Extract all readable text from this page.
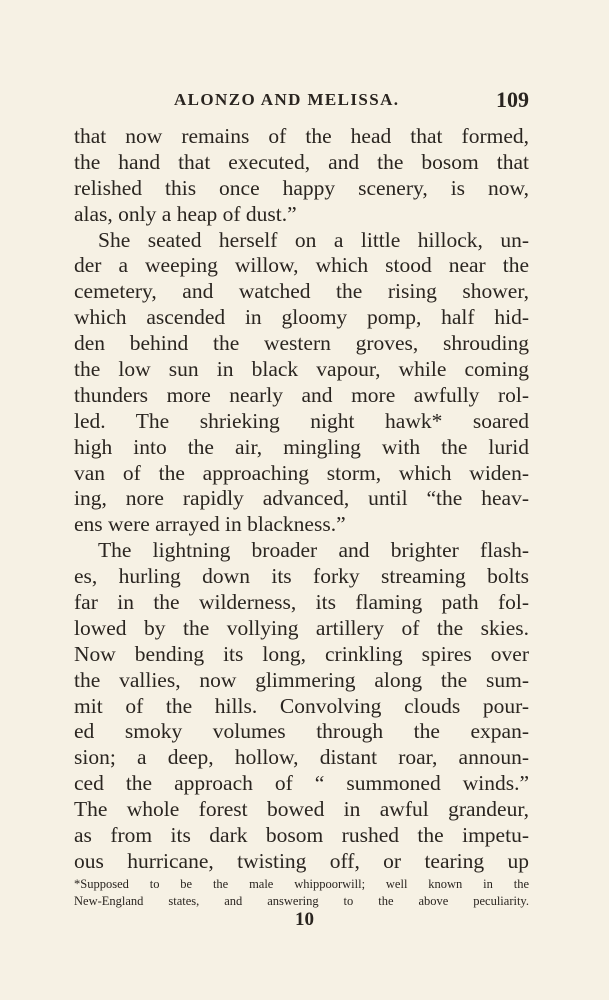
ALONZO AND MELISSA.	109
that now remains of the head that formed,
the hand that executed, and the bosom that
relished this once happy scenery, is now,
alas, only a heap of dust.”
She seated herself on a little hillock, un-
der a weeping willow, which stood near the
cemetery, and watched the rising shower,
which ascended in gloomy pomp, half hid-
den behind the western groves, shrouding
the low sun in black vapour, while coming
thunders more nearly and more awfully rol-
led. The shrieking night hawk* soared
high into the air, mingling with the lurid
van of the approaching storm, which widen-
ing, nore rapidly advanced, until “the heav-
ens were arrayed in blackness.”
The lightning broader and brighter flash-
es, hurling down its forky streaming bolts
far in the wilderness, its flaming path fol-
lowed by the vollying artillery of the skies.
Now bending its long, crinkling spires over
the vallies, now glimmering along the sum-
mit of the hills. Convolving clouds pour-
ed smoky volumes through the expan-
sion; a deep, hollow, distant roar, announ-
ced the approach of “ summoned winds.”
The whole forest bowed in awful grandeur,
as from its dark bosom rushed the impetu-
ous hurricane, twisting off, or tearing up
*Supposed to be the male whippoorwill; well known in the
New-England states, and answering to the above peculiarity.
10
